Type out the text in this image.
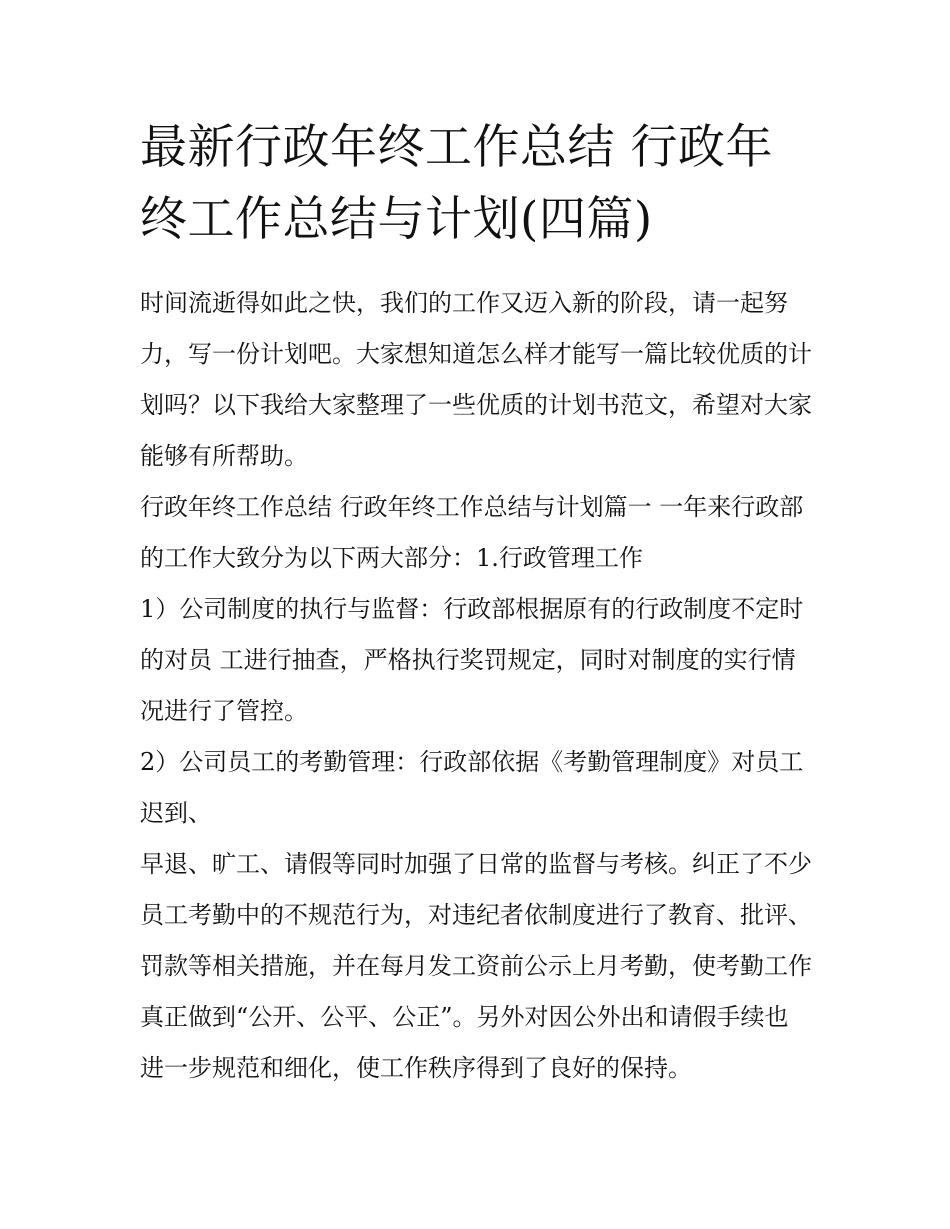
最新行政年终工作总结 行政年终工作总结与计划(四篇)

时间流逝得如此之快，我们的工作又迈入新的阶段，请一起努力，写一份计划吧。大家想知道怎么样才能写一篇比较优质的计划吗？以下我给大家整理了一些优质的计划书范文，希望对大家能够有所帮助。

行政年终工作总结 行政年终工作总结与计划篇一 一年来行政部的工作大致分为以下两大部分：1.行政管理工作

1）公司制度的执行与监督：行政部根据原有的行政制度不定时的对员 工进行抽查，严格执行奖罚规定，同时对制度的实行情况进行了管控。

2）公司员工的考勤管理：行政部依据《考勤管理制度》对员工迟到、

早退、旷工、请假等同时加强了日常的监督与考核。纠正了不少员工考勤中的不规范行为，对违纪者依制度进行了教育、批评、罚款等相关措施，并在每月发工资前公示上月考勤，使考勤工作真正做到“公开、公平、公正”。另外对因公外出和请假手续也进一步规范和细化，使工作秩序得到了良好的保持。
